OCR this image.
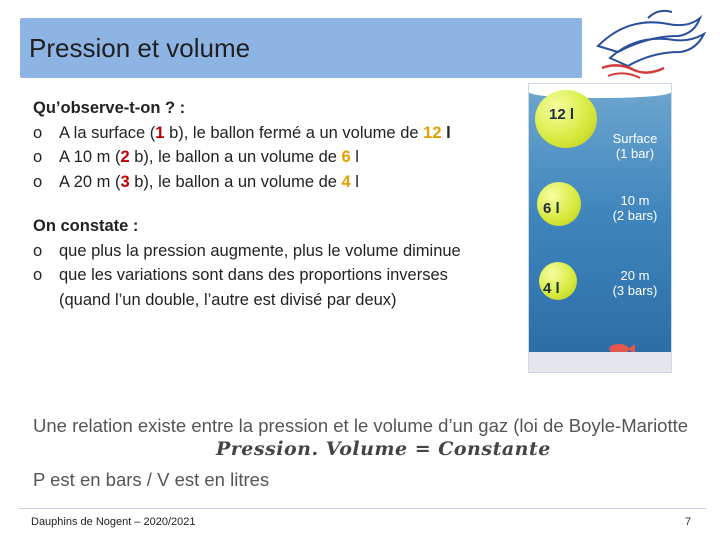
Pression et volume
Qu’observe-t-on ? :
o A la surface (1 b), le ballon fermé a un volume de 12 l
o A 10 m (2 b), le ballon a un volume de 6 l
o A 20 m (3 b), le ballon a un volume de 4 l
On constate :
o que plus la pression augmente, plus le volume diminue
o que les variations sont dans des proportions inverses
(quand l’un double, l’autre est divisé par deux)
12 l
Surface
(1 bar)
6 l	10 m
(2 bars)
4 l
20 m
(3 bars)
Une relation existe entre la pression et le volume d’un gaz (loi de Boyle-Mariotte
Pression. Volume = Constante
P est en bars / V est en litres
Dauphins de Nogent – 2020/2021	7
